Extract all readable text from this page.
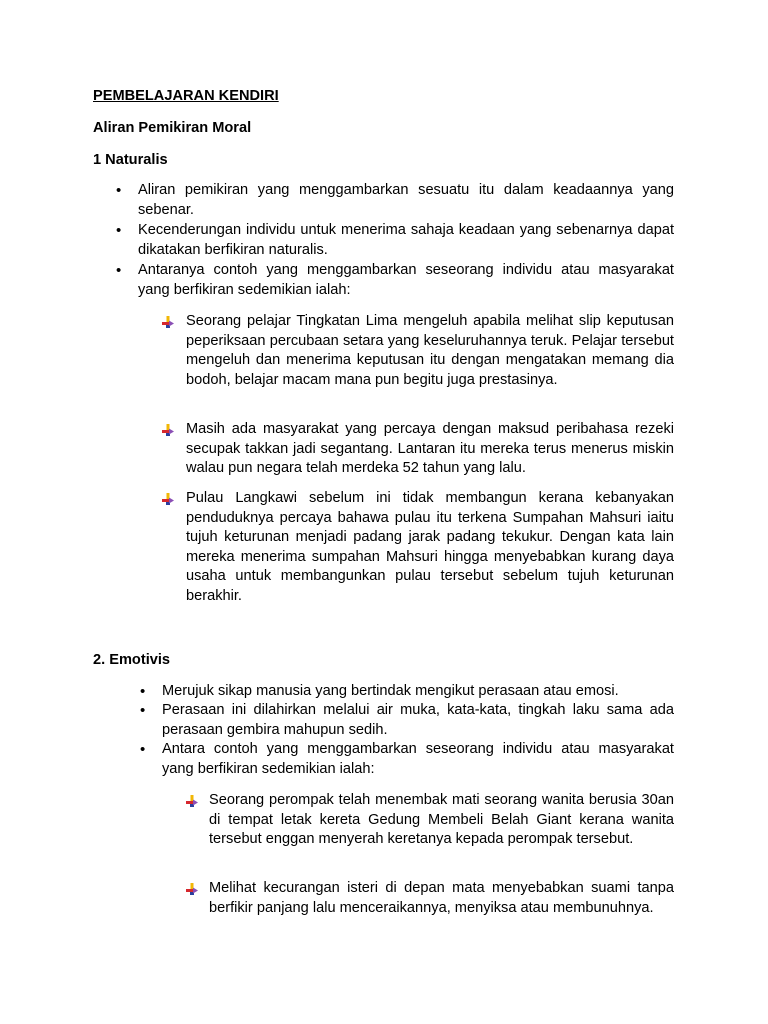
PEMBELAJARAN KENDIRI
Aliran Pemikiran Moral
1 Naturalis
• Aliran pemikiran yang menggambarkan sesuatu itu dalam keadaannya yang sebenar.
• Kecenderungan individu untuk menerima sahaja keadaan yang sebenarnya dapat dikatakan berfikiran naturalis.
• Antaranya contoh yang menggambarkan seseorang individu atau masyarakat yang berfikiran sedemikian ialah:
Seorang pelajar Tingkatan Lima mengeluh apabila melihat slip keputusan peperiksaan percubaan setara yang keseluruhannya teruk. Pelajar tersebut mengeluh dan menerima keputusan itu dengan mengatakan memang dia bodoh, belajar macam mana pun begitu juga prestasinya.
Masih ada masyarakat yang percaya dengan maksud peribahasa rezeki secupak takkan jadi segantang. Lantaran itu mereka terus menerus miskin walau pun negara telah merdeka 52 tahun yang lalu.
Pulau Langkawi sebelum ini tidak membangun kerana kebanyakan penduduknya percaya bahawa pulau itu terkena Sumpahan Mahsuri iaitu tujuh keturunan menjadi padang jarak padang tekukur. Dengan kata lain mereka menerima sumpahan Mahsuri hingga menyebabkan kurang daya usaha untuk membangunkan pulau tersebut sebelum tujuh keturunan berakhir.
2. Emotivis
• Merujuk sikap manusia yang bertindak mengikut perasaan atau emosi.
• Perasaan ini dilahirkan melalui air muka, kata-kata, tingkah laku sama ada perasaan gembira mahupun sedih.
• Antara contoh yang menggambarkan seseorang individu atau masyarakat yang berfikiran sedemikian ialah:
Seorang perompak telah menembak mati seorang wanita berusia 30an di tempat letak kereta Gedung Membeli Belah Giant kerana wanita tersebut enggan menyerah keretanya kepada perompak tersebut.
Melihat kecurangan isteri di depan mata menyebabkan suami tanpa berfikir panjang lalu menceraikannya, menyiksa atau membunuhnya.
